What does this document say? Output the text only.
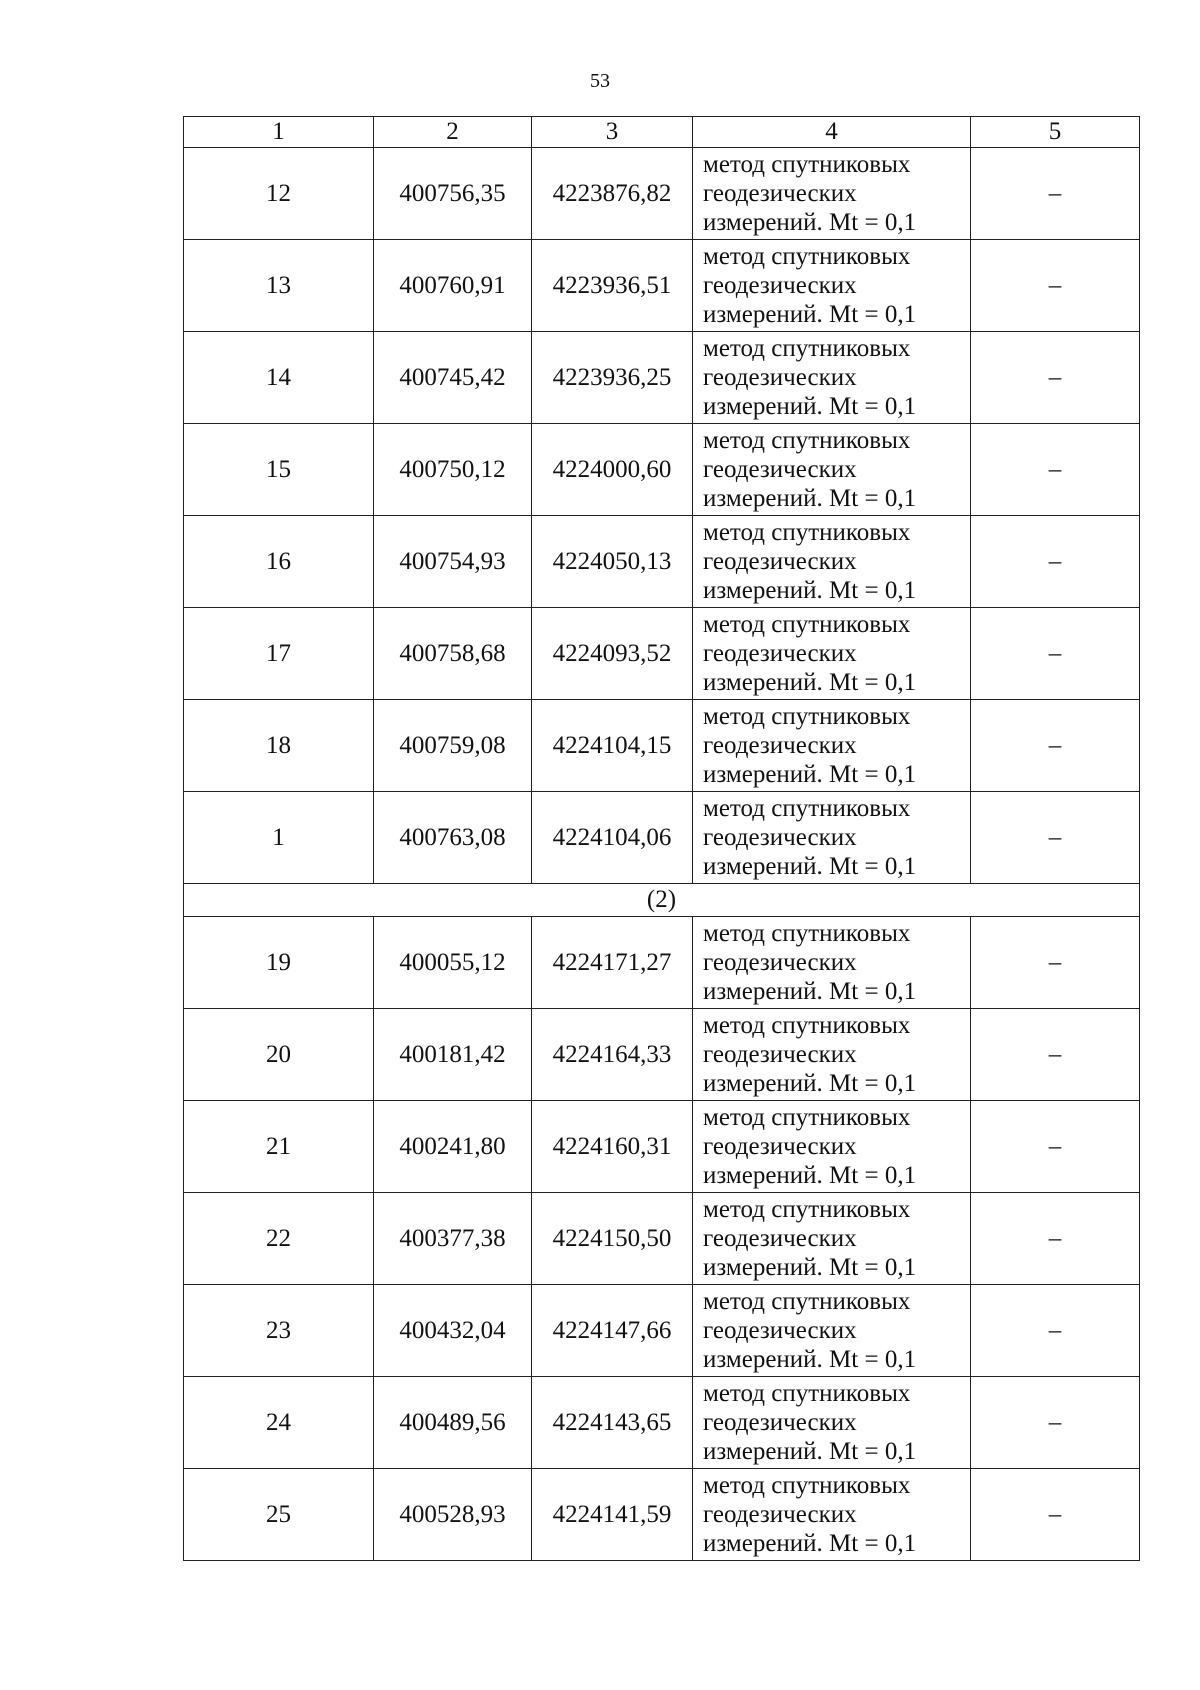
53
1	2	3	4	5
12	400756,35	4223876,82	метод спутниковых
геодезических
измерений. Mt = 0,1	–
13	400760,91	4223936,51	метод спутниковых
геодезических
измерений. Mt = 0,1	–
14	400745,42	4223936,25	метод спутниковых
геодезических
измерений. Mt = 0,1	–
15	400750,12	4224000,60	метод спутниковых
геодезических
измерений. Mt = 0,1	–
16	400754,93	4224050,13	метод спутниковых
геодезических
измерений. Mt = 0,1	–
17	400758,68	4224093,52	метод спутниковых
геодезических
измерений. Mt = 0,1	–
18	400759,08	4224104,15	метод спутниковых
геодезических
измерений. Mt = 0,1	–
1	400763,08	4224104,06	метод спутниковых
геодезических
измерений. Mt = 0,1	–
(2)				
19	400055,12	4224171,27	метод спутниковых
геодезических
измерений. Mt = 0,1	–
20	400181,42	4224164,33	метод спутниковых
геодезических
измерений. Mt = 0,1	–
21	400241,80	4224160,31	метод спутниковых
геодезических
измерений. Mt = 0,1	–
22	400377,38	4224150,50	метод спутниковых
геодезических
измерений. Mt = 0,1	–
23	400432,04	4224147,66	метод спутниковых
геодезических
измерений. Mt = 0,1	–
24	400489,56	4224143,65	метод спутниковых
геодезических
измерений. Mt = 0,1	–
25	400528,93	4224141,59	метод спутниковых
геодезических
измерений. Mt = 0,1	–
